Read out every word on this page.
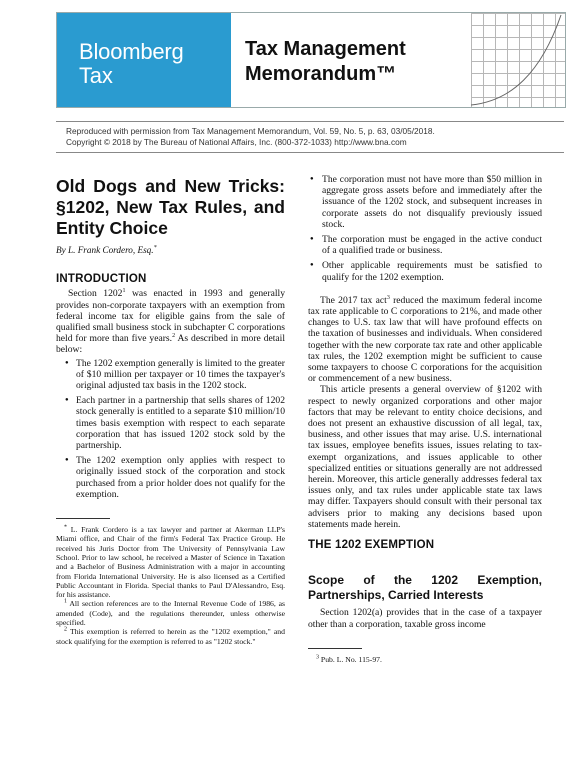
Bloomberg
Tax
Tax Management
Memorandum™
Reproduced with permission from Tax Management Memorandum, Vol. 59, No. 5, p. 63, 03/05/2018.
Copyright © 2018 by The Bureau of National Affairs, Inc. (800-372-1033) http://www.bna.com
Old Dogs and New Tricks: §1202, New Tax Rules, and Entity Choice
By L. Frank Cordero, Esq.*
INTRODUCTION

Section 1202$^1$ was enacted in 1993 and generally provides non-corporate taxpayers with an exemption from federal income tax for eligible gains from the sale of qualified small business stock in subchapter C corporations held for more than five years.$^2$ As described in more detail below:

● The 1202 exemption generally is limited to the greater of $10 million per taxpayer or 10 times the taxpayer's original adjusted tax basis in the 1202 stock.
● Each partner in a partnership that sells shares of 1202 stock generally is entitled to a separate $10 million/10 times basis exemption with respect to each separate corporation that has issued 1202 stock sold by the partnership.
● The 1202 exemption only applies with respect to originally issued stock of the corporation and stock purchased from a prior holder does not qualify for the exemption.

* L. Frank Cordero is a tax lawyer and partner at Akerman LLP's Miami office, and Chair of the firm's Federal Tax Practice Group. He received his Juris Doctor from The University of Pennsylvania Law School. Prior to law school, he received a Master of Science in Taxation and a Bachelor of Business Administration with a major in accounting from Florida International University. He is also licensed as a Certified Public Accountant in Florida. Special thanks to Paul D'Alessandro, Esq. for his assistance.

$^1$ All section references are to the Internal Revenue Code of 1986, as amended (Code), and the regulations thereunder, unless otherwise specified.

$^2$ This exemption is referred to herein as the "1202 exemption," and stock qualifying for the exemption is referred to as "1202 stock."

● The corporation must not have more than $50 million in aggregate gross assets before and immediately after the issuance of the 1202 stock, and subsequent increases in corporate assets do not disqualify previously issued stock.
● The corporation must be engaged in the active conduct of a qualified trade or business.
● Other applicable requirements must be satisfied to qualify for the 1202 exemption.

The 2017 tax act$^3$ reduced the maximum federal income tax rate applicable to C corporations to 21%, and made other changes to U.S. tax law that will have profound effects on the taxation of businesses and individuals. When considered together with the new corporate tax rate and other applicable tax rules, the 1202 exemption might be sufficient to cause some taxpayers to choose C corporations for the acquisition or commencement of a new business.

This article presents a general overview of §1202 with respect to newly organized corporations and other major factors that may be relevant to entity choice decisions, and does not present an exhaustive discussion of all legal, tax, business, and other issues that may arise. U.S. international tax issues, employee benefits issues, issues relating to tax-exempt organizations, and issues applicable to other specialized entities or situations generally are not addressed herein. Moreover, this article generally addresses federal tax issues only, and tax rules under applicable state tax laws may differ. Taxpayers should consult with their personal tax advisers prior to making any decisions based upon statements made herein.

THE 1202 EXEMPTION
Scope of the 1202 Exemption, Partnerships, Carried Interests

Section 1202(a) provides that in the case of a taxpayer other than a corporation, taxable gross income

$^3$ Pub. L. No. 115-97.
